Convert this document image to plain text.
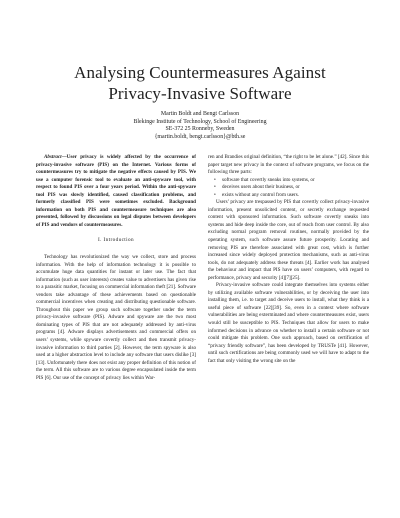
Analysing Countermeasures Against
Privacy-Invasive Software
Martin Boldt and Bengt Carlsson
Blekinge Institute of Technology, School of Engineering
SE-372 25 Ronneby, Sweden
{martin.boldt, bengt.carlsson}@bth.se

Abstract—User privacy is widely affected by the occurrence of privacy-invasive software (PIS) on the Internet. Various forms of countermeasures try to mitigate the negative effects caused by PIS. We use a computer forensic tool to evaluate an anti-spyware tool, with respect to found PIS over a four years period. Within the anti-spyware tool PIS was slowly identified, caused classification problems, and formerly classified PIS were sometimes excluded. Background information on both PIS and countermeasure techniques are also presented, followed by discussions on legal disputes between developers of PIS and vendors of countermeasures.

I. Introduction

Technology has revolutionized the way we collect, store and process information. With the help of information technology it is possible to accumulate huge data quantities for instant or later use. The fact that information (such as user interests) creates value to advertisers has given rise to a parasitic market, focusing on commercial information theft [21]. Software vendors take advantage of these achievements based on questionable commercial incentives when creating and distributing questionable software. Throughout this paper we group such software together under the term privacy-invasive software (PIS). Adware and spyware are the two most dominating types of PIS that are not adequately addressed by anti-virus programs [4]. Adware displays advertisements and commercial offers on users’ systems, while spyware covertly collect and then transmit privacy-invasive information to third parties [2]. However, the term spyware is also used at a higher abstraction level to include any software that users dislike [3][13]. Unfortunately there does not exist any proper definition of this notion of the term. All this software are to various degree encapsulated inside the term PIS [6]. Our use of the concept of privacy lies within War-

ren and Brandies original definition, “the right to be let alone.” [42]. Since this paper target new privacy in the context of software programs, we focus on the following three parts:

• software that covertly sneaks into systems, or
• deceives users about their business, or
• exists without any control from users.

Users’ privacy are trespassed by PIS that covertly collect privacy-invasive information, present unsolicited content, or secretly exchange requested content with sponsored information. Such software covertly sneaks into systems and hide deep inside the core, out of reach from user control. By also excluding normal program removal routines, normally provided by the operating system, such software assure future prosperity. Locating and removing PIS are therefore associated with great cost, which is further increased since widely deployed protection mechanisms, such as anti-virus tools, do not adequately address these threats [4]. Earlier work has analysed the behaviour and impact that PIS have on users’ computers, with regard to performance, privacy and security [4][7][25].

Privacy-invasive software could integrate themselves into systems either by utilizing available software vulnerabilities, or by deceiving the user into installing them, i.e. to target and deceive users to install, what they think is a useful piece of software [22][39]. So, even in a context where software vulnerabilities are being exterminated and where countermeasures exist, users would still be susceptible to PIS. Techniques that allow for users to make informed decisions in advance on whether to install a certain software or not could mitigate this problem. One such approach, based on certification of “privacy friendly software”, has been developed by TRUSTe [41]. However, until such certifications are being commonly used we will have to adapt to the fact that only visiting the wrong site on the
